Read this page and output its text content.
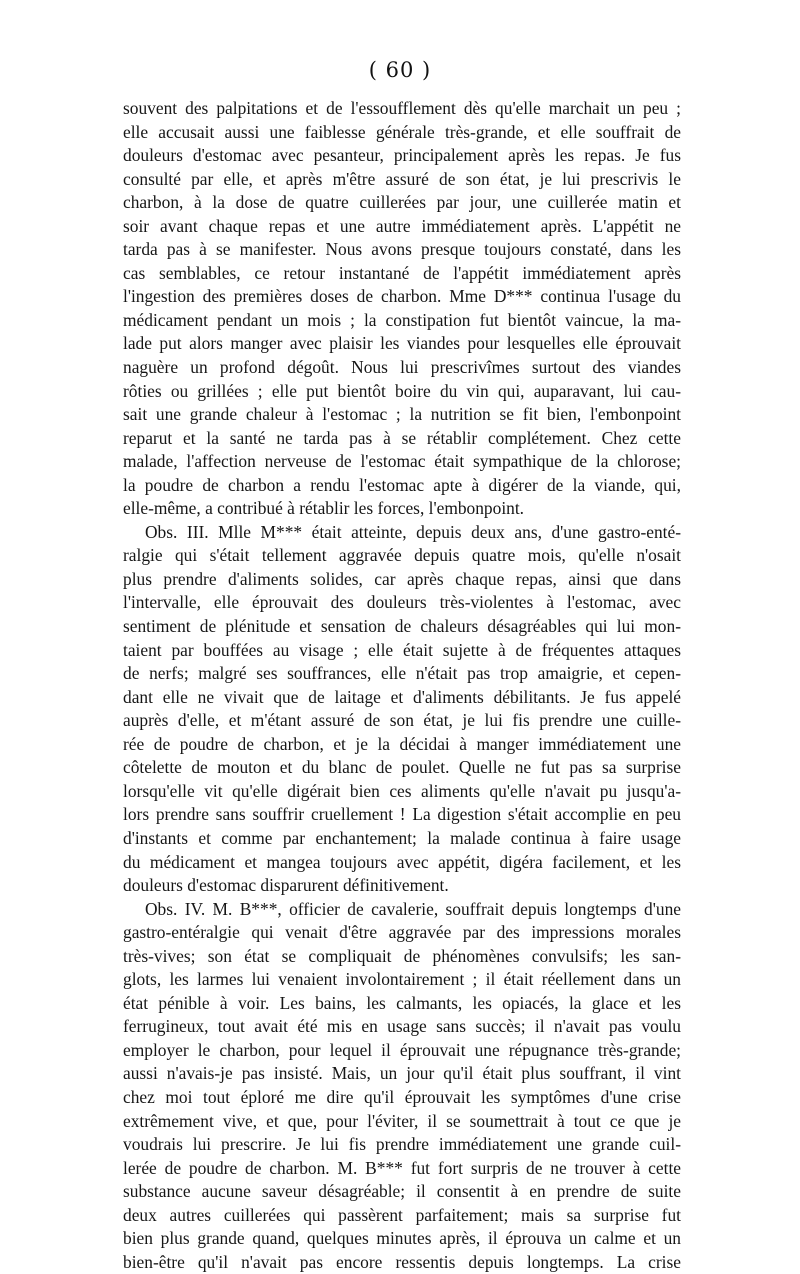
( 60 )
souvent des palpitations et de l'essoufflement dès qu'elle marchait un peu ;
elle accusait aussi une faiblesse générale très-grande, et elle souffrait de
douleurs d'estomac avec pesanteur, principalement après les repas. Je fus
consulté par elle, et après m'être assuré de son état, je lui prescrivis le
charbon, à la dose de quatre cuillerées par jour, une cuillerée matin et
soir avant chaque repas et une autre immédiatement après. L'appétit ne
tarda pas à se manifester. Nous avons presque toujours constaté, dans les
cas semblables, ce retour instantané de l'appétit immédiatement après
l'ingestion des premières doses de charbon. Mme D*** continua l'usage du
médicament pendant un mois ; la constipation fut bientôt vaincue, la ma-
lade put alors manger avec plaisir les viandes pour lesquelles elle éprouvait
naguère un profond dégoût. Nous lui prescrivîmes surtout des viandes
rôties ou grillées ; elle put bientôt boire du vin qui, auparavant, lui cau-
sait une grande chaleur à l'estomac ; la nutrition se fit bien, l'embonpoint
reparut et la santé ne tarda pas à se rétablir complétement. Chez cette
malade, l'affection nerveuse de l'estomac était sympathique de la chlorose;
la poudre de charbon a rendu l'estomac apte à digérer de la viande, qui,
elle-même, a contribué à rétablir les forces, l'embonpoint.
Obs. III. Mlle M*** était atteinte, depuis deux ans, d'une gastro-enté-
ralgie qui s'était tellement aggravée depuis quatre mois, qu'elle n'osait
plus prendre d'aliments solides, car après chaque repas, ainsi que dans
l'intervalle, elle éprouvait des douleurs très-violentes à l'estomac, avec
sentiment de plénitude et sensation de chaleurs désagréables qui lui mon-
taient par bouffées au visage ; elle était sujette à de fréquentes attaques
de nerfs; malgré ses souffrances, elle n'était pas trop amaigrie, et cepen-
dant elle ne vivait que de laitage et d'aliments débilitants. Je fus appelé
auprès d'elle, et m'étant assuré de son état, je lui fis prendre une cuille-
rée de poudre de charbon, et je la décidai à manger immédiatement une
côtelette de mouton et du blanc de poulet. Quelle ne fut pas sa surprise
lorsqu'elle vit qu'elle digérait bien ces aliments qu'elle n'avait pu jusqu'a-
lors prendre sans souffrir cruellement ! La digestion s'était accomplie en peu
d'instants et comme par enchantement; la malade continua à faire usage
du médicament et mangea toujours avec appétit, digéra facilement, et les
douleurs d'estomac disparurent définitivement.
Obs. IV. M. B***, officier de cavalerie, souffrait depuis longtemps d'une
gastro-entéralgie qui venait d'être aggravée par des impressions morales
très-vives; son état se compliquait de phénomènes convulsifs; les san-
glots, les larmes lui venaient involontairement ; il était réellement dans un
état pénible à voir. Les bains, les calmants, les opiacés, la glace et les
ferrugineux, tout avait été mis en usage sans succès; il n'avait pas voulu
employer le charbon, pour lequel il éprouvait une répugnance très-grande;
aussi n'avais-je pas insisté. Mais, un jour qu'il était plus souffrant, il vint
chez moi tout éploré me dire qu'il éprouvait les symptômes d'une crise
extrêmement vive, et que, pour l'éviter, il se soumettrait à tout ce que je
voudrais lui prescrire. Je lui fis prendre immédiatement une grande cuil-
lerée de poudre de charbon. M. B*** fut fort surpris de ne trouver à cette
substance aucune saveur désagréable; il consentit à en prendre de suite
deux autres cuillerées qui passèrent parfaitement; mais sa surprise fut
bien plus grande quand, quelques minutes après, il éprouva un calme et un
bien-être qu'il n'avait pas encore ressentis depuis longtemps. La crise
